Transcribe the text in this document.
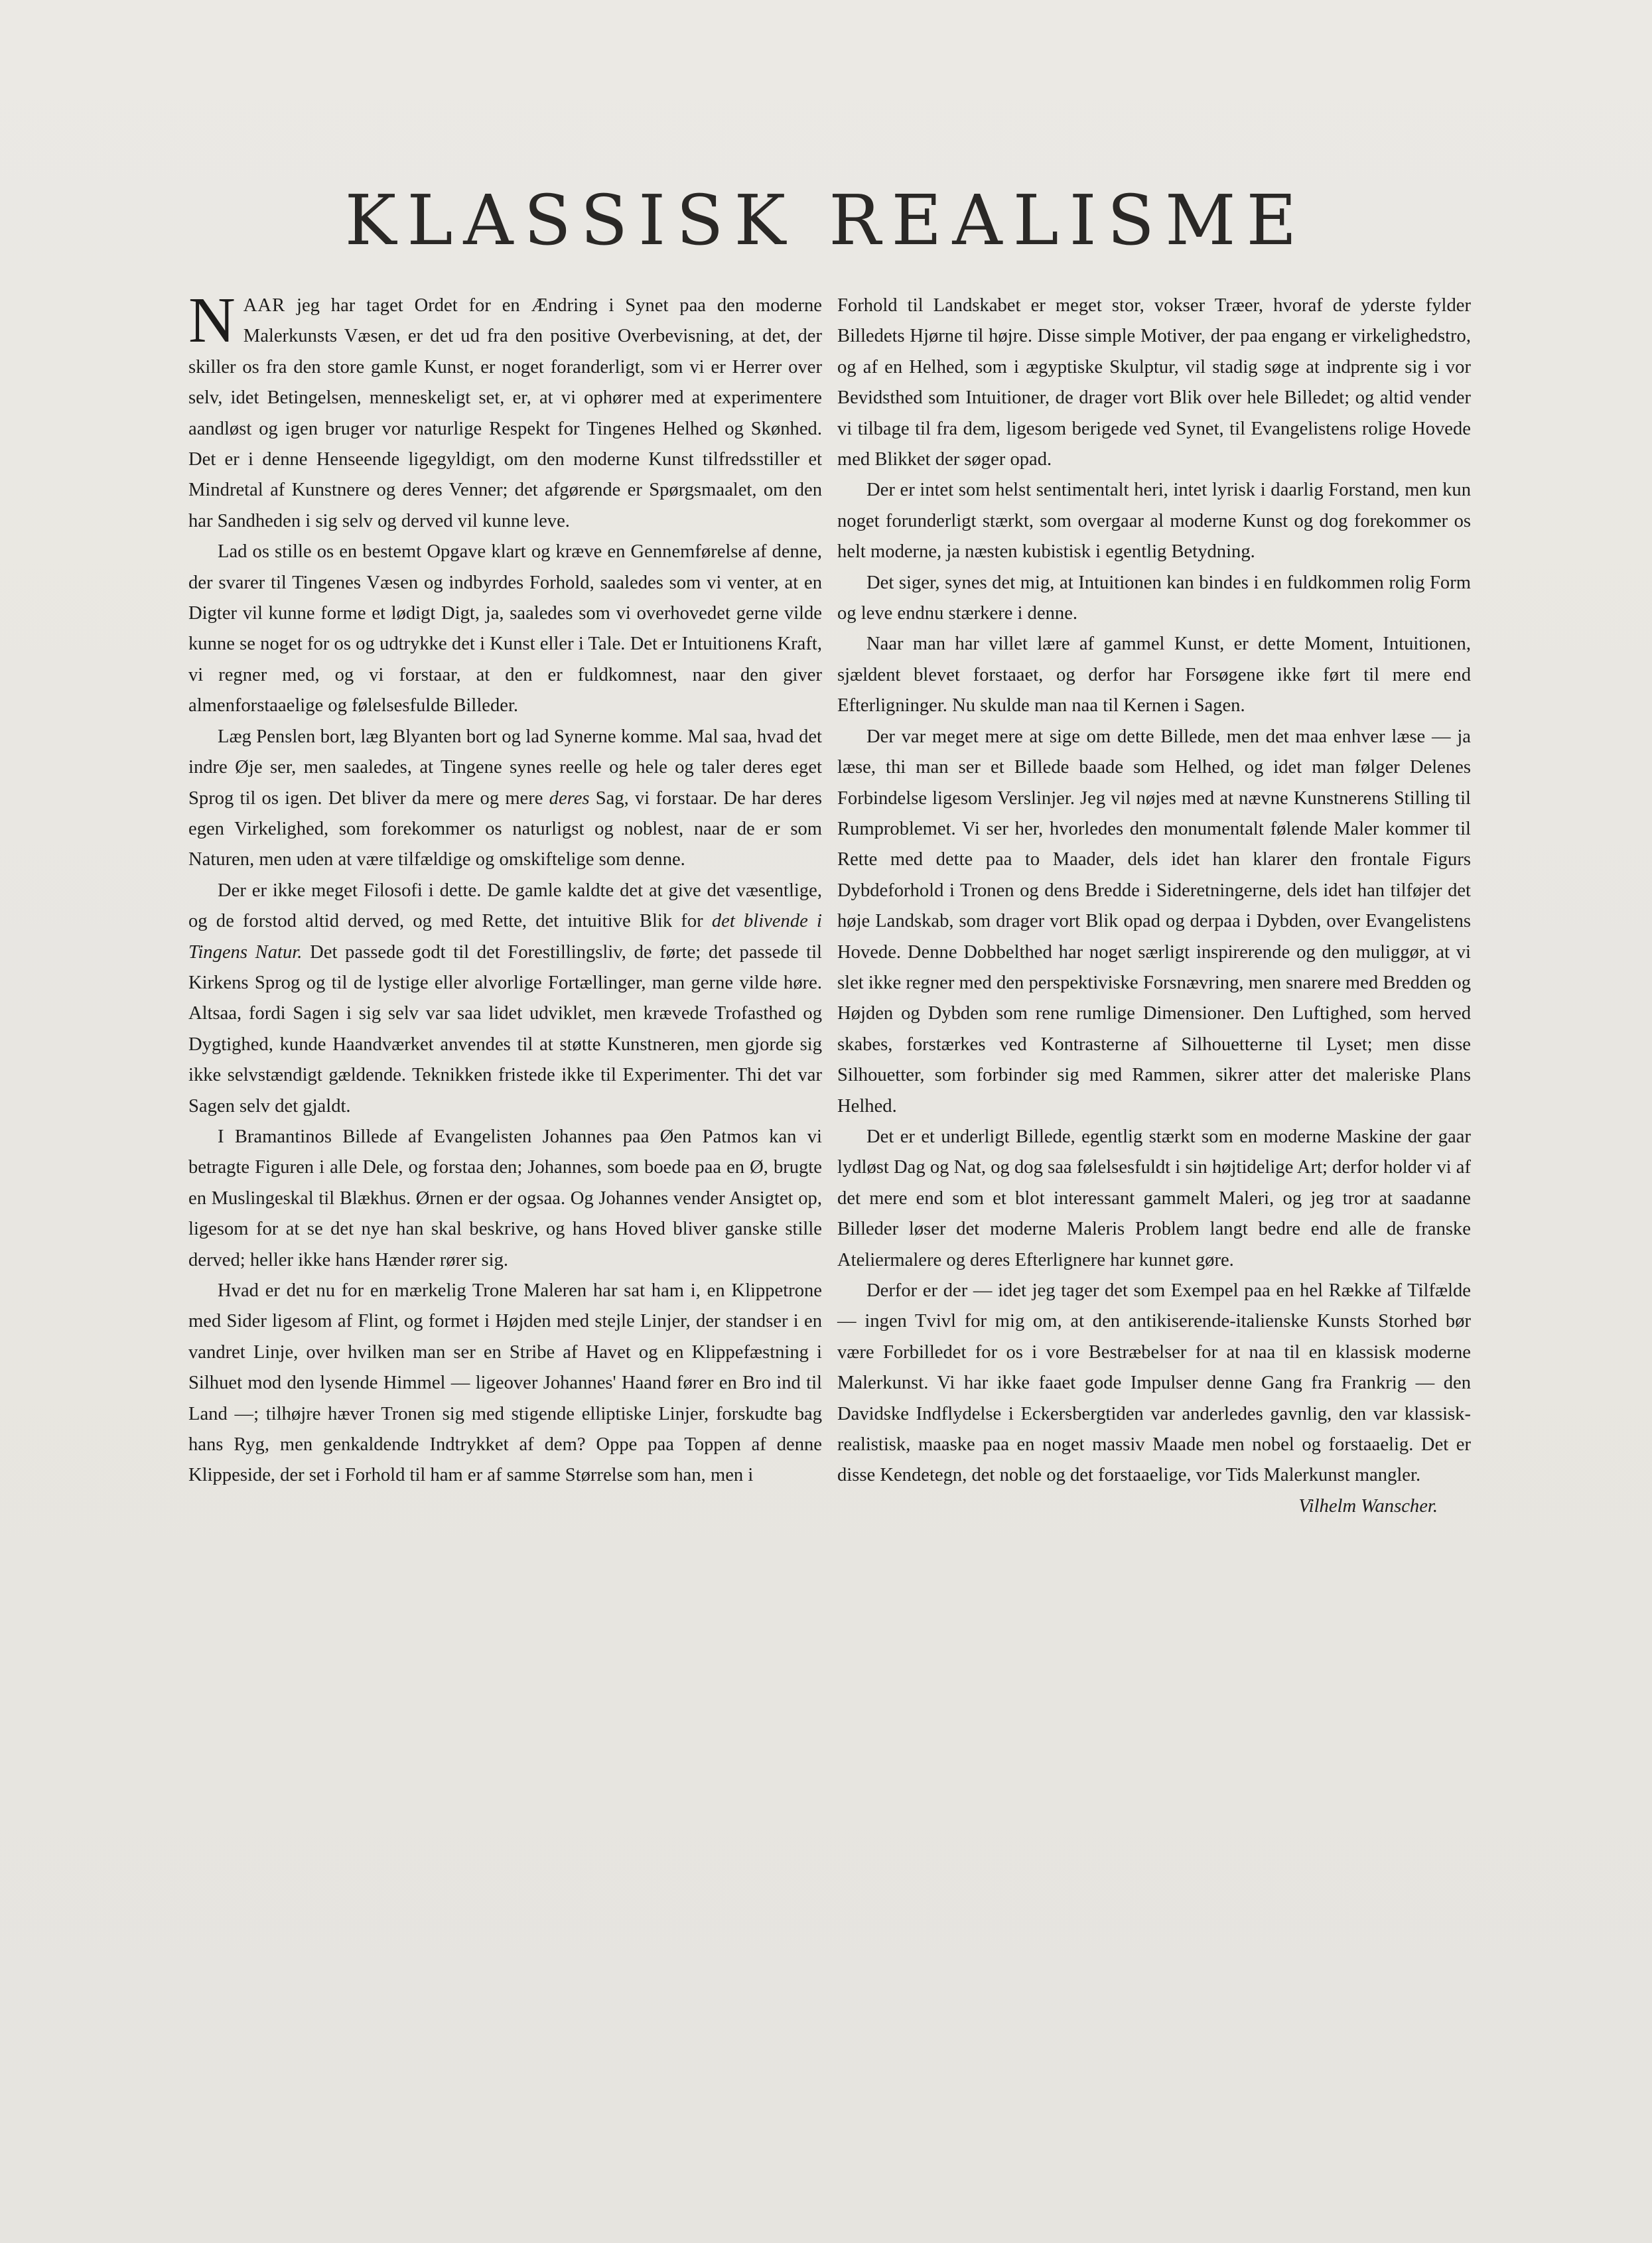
KLASSISK REALISME

NAAR jeg har taget Ordet for en Ændring i Synet paa den moderne Malerkunsts Væsen, er det ud fra den positive Overbevisning, at det, der skiller os fra den store gamle Kunst, er noget foranderligt, som vi er Herrer over selv, idet Betingelsen, menneskeligt set, er, at vi ophører med at experimentere aandløst og igen bruger vor naturlige Respekt for Tingenes Helhed og Skønhed. Det er i denne Henseende ligegyldigt, om den moderne Kunst tilfredsstiller et Mindretal af Kunstnere og deres Venner; det afgørende er Spørgsmaalet, om den har Sandheden i sig selv og derved vil kunne leve.

Lad os stille os en bestemt Opgave klart og kræve en Gennemførelse af denne, der svarer til Tingenes Væsen og indbyrdes Forhold, saaledes som vi venter, at en Digter vil kunne forme et lødigt Digt, ja, saaledes som vi overhovedet gerne vilde kunne se noget for os og udtrykke det i Kunst eller i Tale. Det er Intuitionens Kraft, vi regner med, og vi forstaar, at den er fuldkomnest, naar den giver almenforstaaelige og følelsesfulde Billeder.

Læg Penslen bort, læg Blyanten bort og lad Synerne komme. Mal saa, hvad det indre Øje ser, men saaledes, at Tingene synes reelle og hele og taler deres eget Sprog til os igen. Det bliver da mere og mere deres Sag, vi forstaar. De har deres egen Virkelighed, som forekommer os naturligst og noblest, naar de er som Naturen, men uden at være tilfældige og omskiftelige som denne.

Der er ikke meget Filosofi i dette. De gamle kaldte det at give det væsentlige, og de forstod altid derved, og med Rette, det intuitive Blik for det blivende i Tingens Natur. Det passede godt til det Forestillingsliv, de førte; det passede til Kirkens Sprog og til de lystige eller alvorlige Fortællinger, man gerne vilde høre. Altsaa, fordi Sagen i sig selv var saa lidet udviklet, men krævede Trofasthed og Dygtighed, kunde Haandværket anvendes til at støtte Kunstneren, men gjorde sig ikke selvstændigt gældende. Teknikken fristede ikke til Experimenter. Thi det var Sagen selv det gjaldt.

I Bramantinos Billede af Evangelisten Johannes paa Øen Patmos kan vi betragte Figuren i alle Dele, og forstaa den; Johannes, som boede paa en Ø, brugte en Muslingeskal til Blækhus. Ørnen er der ogsaa. Og Johannes vender Ansigtet op, ligesom for at se det nye han skal beskrive, og hans Hoved bliver ganske stille derved; heller ikke hans Hænder rører sig.

Hvad er det nu for en mærkelig Trone Maleren har sat ham i, en Klippetrone med Sider ligesom af Flint, og formet i Højden med stejle Linjer, der standser i en vandret Linje, over hvilken man ser en Stribe af Havet og en Klippefæstning i Silhuet mod den lysende Himmel — ligeover Johannes' Haand fører en Bro ind til Land —; tilhøjre hæver Tronen sig med stigende elliptiske Linjer, forskudte bag hans Ryg, men genkaldende Indtrykket af dem? Oppe paa Toppen af denne Klippeside, der set i Forhold til ham er af samme Størrelse som han, men i

Forhold til Landskabet er meget stor, vokser Træer, hvoraf de yderste fylder Billedets Hjørne til højre. Disse simple Motiver, der paa engang er virkelighedstro, og af en Helhed, som i ægyptiske Skulptur, vil stadig søge at indprente sig i vor Bevidsthed som Intuitioner, de drager vort Blik over hele Billedet; og altid vender vi tilbage til fra dem, ligesom berigede ved Synet, til Evangelistens rolige Hovede med Blikket der søger opad.

Der er intet som helst sentimentalt heri, intet lyrisk i daarlig Forstand, men kun noget forunderligt stærkt, som overgaar al moderne Kunst og dog forekommer os helt moderne, ja næsten kubistisk i egentlig Betydning.

Det siger, synes det mig, at Intuitionen kan bindes i en fuldkommen rolig Form og leve endnu stærkere i denne.

Naar man har villet lære af gammel Kunst, er dette Moment, Intuitionen, sjældent blevet forstaaet, og derfor har Forsøgene ikke ført til mere end Efterligninger. Nu skulde man naa til Kernen i Sagen.

Der var meget mere at sige om dette Billede, men det maa enhver læse — ja læse, thi man ser et Billede baade som Helhed, og idet man følger Delenes Forbindelse ligesom Verslinjer. Jeg vil nøjes med at nævne Kunstnerens Stilling til Rumproblemet. Vi ser her, hvorledes den monumentalt følende Maler kommer til Rette med dette paa to Maader, dels idet han klarer den frontale Figurs Dybdeforhold i Tronen og dens Bredde i Sideretningerne, dels idet han tilføjer det høje Landskab, som drager vort Blik opad og derpaa i Dybden, over Evangelistens Hovede. Denne Dobbelthed har noget særligt inspirerende og den muliggør, at vi slet ikke regner med den perspektiviske Forsnævring, men snarere med Bredden og Højden og Dybden som rene rumlige Dimensioner. Den Luftighed, som herved skabes, forstærkes ved Kontrasterne af Silhouetterne til Lyset; men disse Silhouetter, som forbinder sig med Rammen, sikrer atter det maleriske Plans Helhed.

Det er et underligt Billede, egentlig stærkt som en moderne Maskine der gaar lydløst Dag og Nat, og dog saa følelsesfuldt i sin højtidelige Art; derfor holder vi af det mere end som et blot interessant gammelt Maleri, og jeg tror at saadanne Billeder løser det moderne Maleris Problem langt bedre end alle de franske Ateliermalere og deres Efterlignere har kunnet gøre.

Derfor er der — idet jeg tager det som Exempel paa en hel Række af Tilfælde — ingen Tvivl for mig om, at den antikiserende-italienske Kunsts Storhed bør være Forbilledet for os i vore Bestræbelser for at naa til en klassisk moderne Malerkunst. Vi har ikke faaet gode Impulser denne Gang fra Frankrig — den Davidske Indflydelse i Eckersbergtiden var anderledes gavnlig, den var klassisk-realistisk, maaske paa en noget massiv Maade men nobel og forstaaelig. Det er disse Kendetegn, det noble og det forstaaelige, vor Tids Malerkunst mangler.

Vilhelm Wanscher.
